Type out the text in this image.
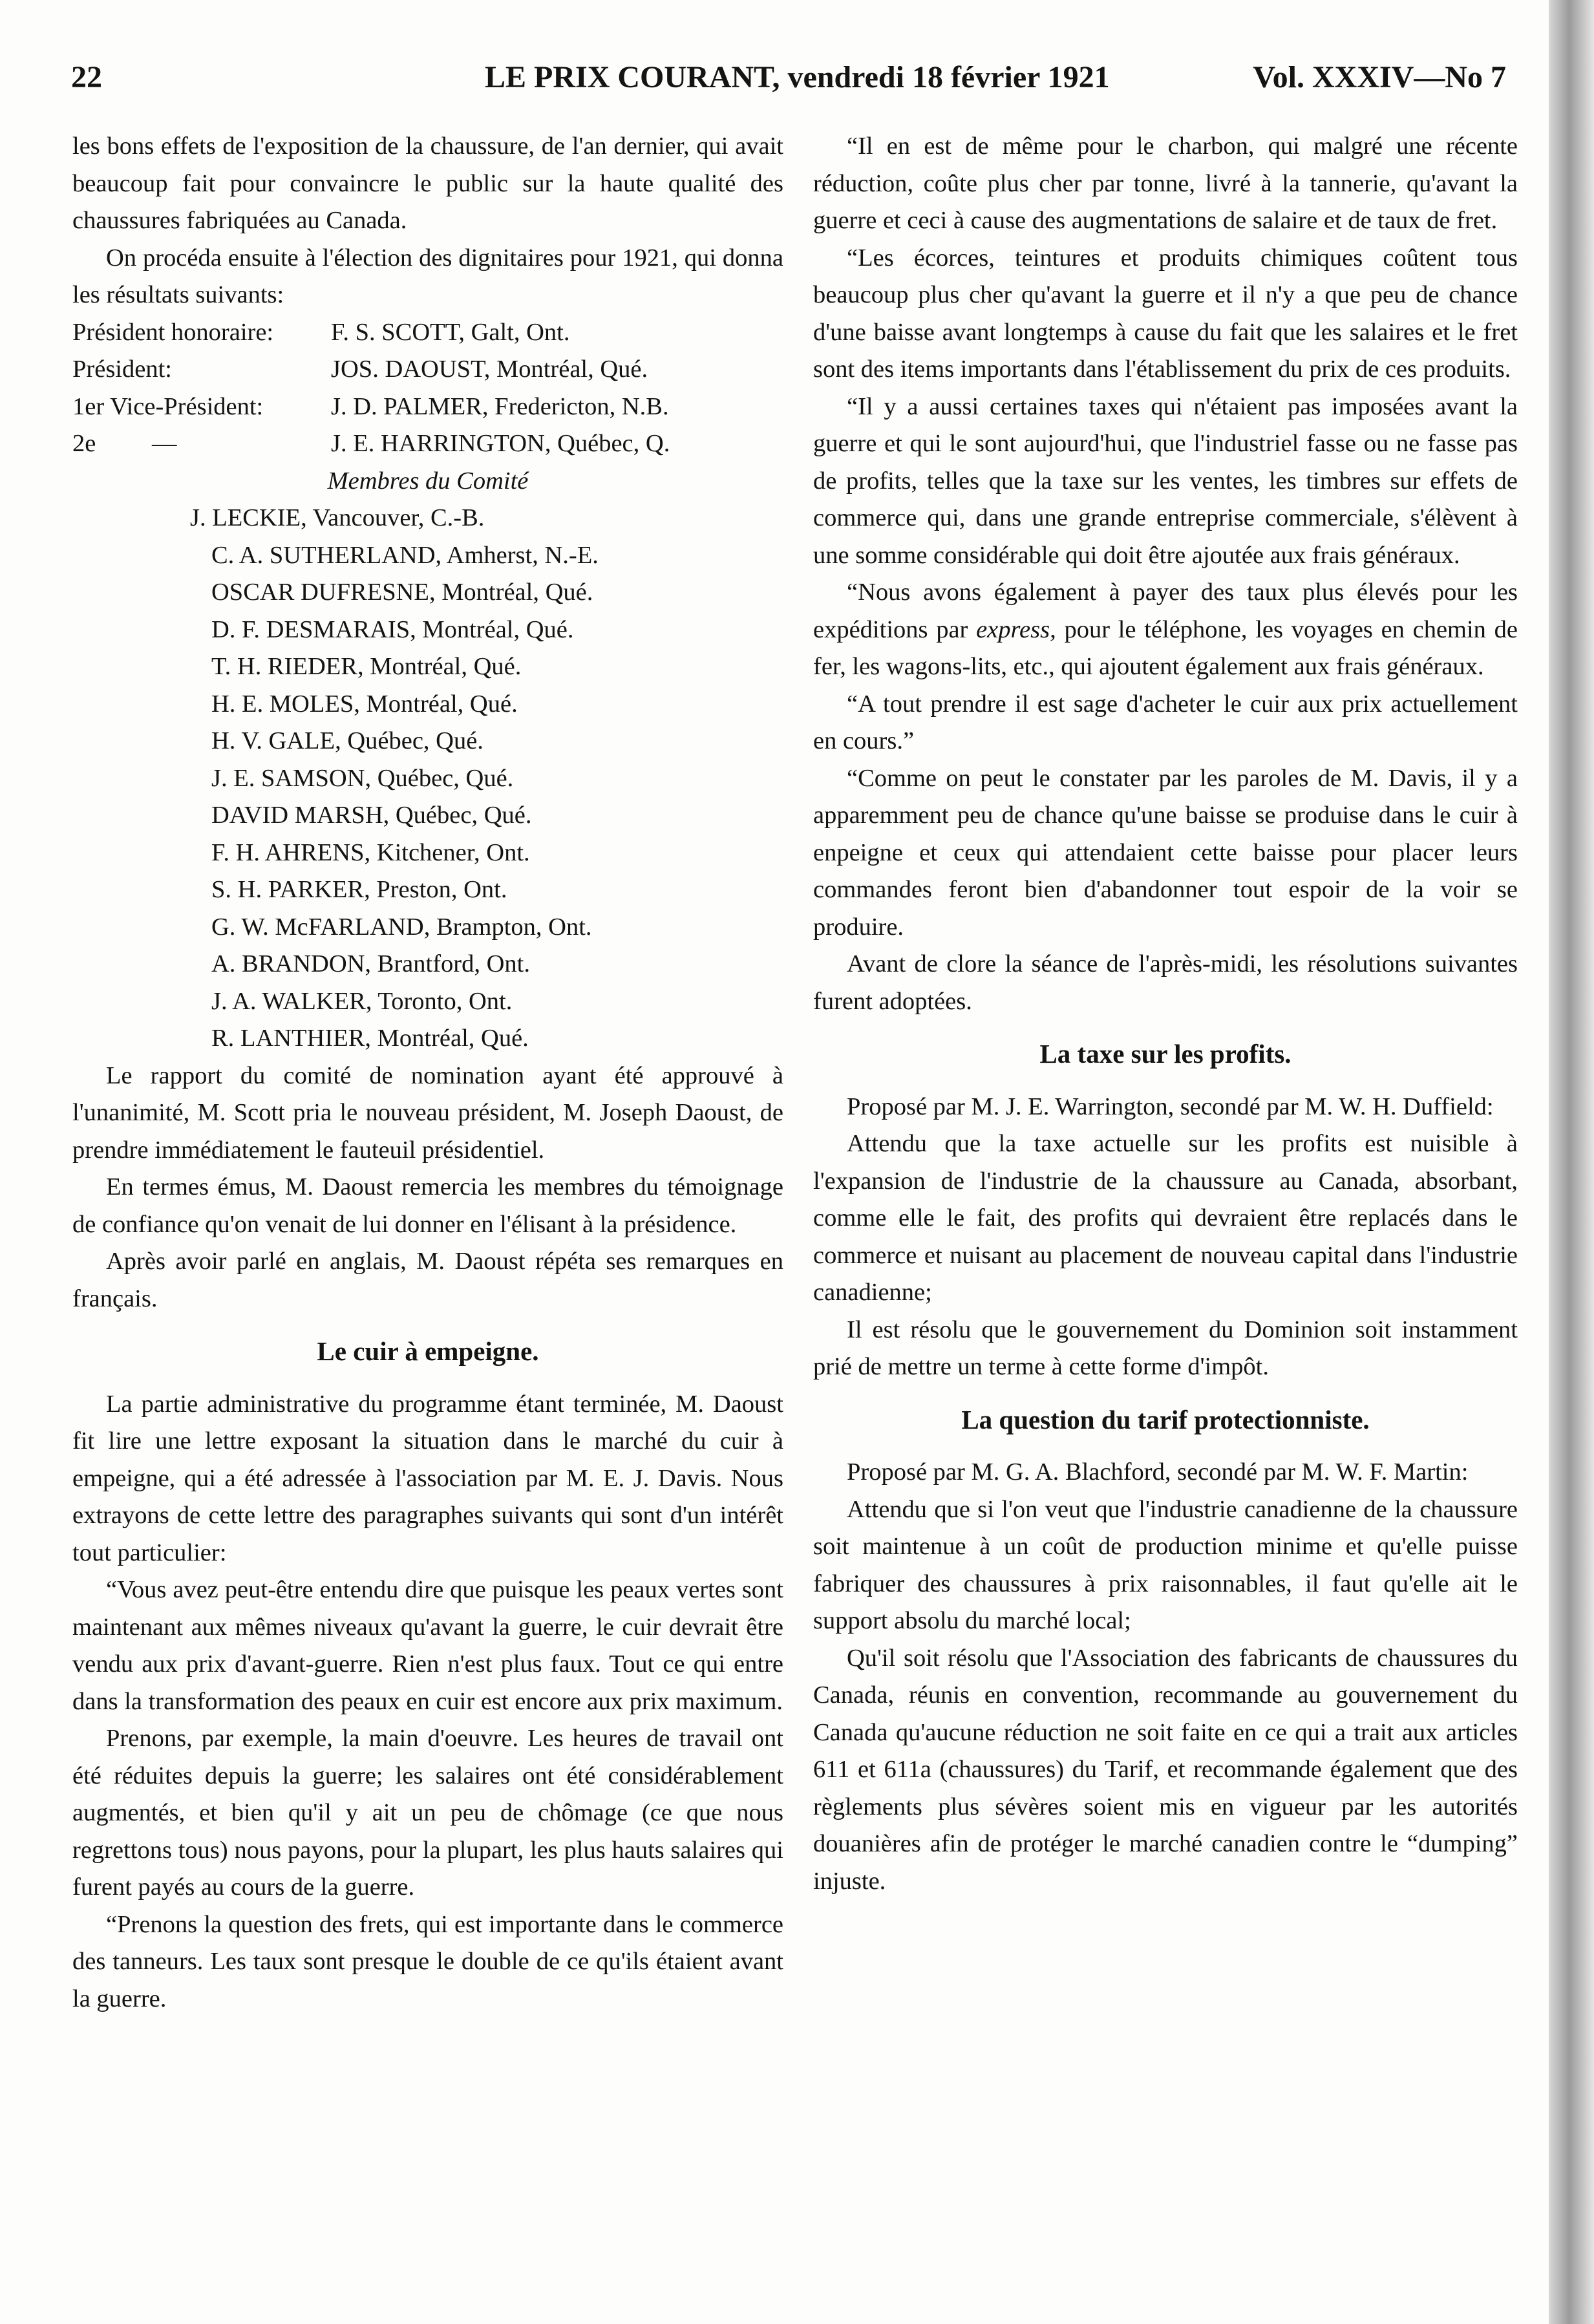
22	LE PRIX COURANT, vendredi 18 février 1921	Vol. XXXIV—No 7

les bons effets de l'exposition de la chaussure, de l'an dernier, qui avait beaucoup fait pour convaincre le public sur la haute qualité des chaussures fabriquées au Canada.

On procéda ensuite à l'élection des dignitaires pour 1921, qui donna les résultats suivants:

Président honoraire:	F. S. SCOTT, Galt, Ont.
Président:	JOS. DAOUST, Montréal, Qué.
1er Vice-Président:	J. D. PALMER, Fredericton, N.B.
2e         —	J. E. HARRINGTON, Québec, Q.

Membres du Comité

J. LECKIE, Vancouver, C.-B.

C. A. SUTHERLAND, Amherst, N.-E.

OSCAR DUFRESNE, Montréal, Qué.

D. F. DESMARAIS, Montréal, Qué.

T. H. RIEDER, Montréal, Qué.

H. E. MOLES, Montréal, Qué.

H. V. GALE, Québec, Qué.

J. E. SAMSON, Québec, Qué.

DAVID MARSH, Québec, Qué.

F. H. AHRENS, Kitchener, Ont.

S. H. PARKER, Preston, Ont.

G. W. McFARLAND, Brampton, Ont.

A. BRANDON, Brantford, Ont.

J. A. WALKER, Toronto, Ont.

R. LANTHIER, Montréal, Qué.

Le rapport du comité de nomination ayant été approuvé à l'unanimité, M. Scott pria le nouveau président, M. Joseph Daoust, de prendre immédiatement le fauteuil présidentiel.

En termes émus, M. Daoust remercia les membres du témoignage de confiance qu'on venait de lui donner en l'élisant à la présidence.

Après avoir parlé en anglais, M. Daoust répéta ses remarques en français.

Le cuir à empeigne.

La partie administrative du programme étant terminée, M. Daoust fit lire une lettre exposant la situation dans le marché du cuir à empeigne, qui a été adressée à l'association par M. E. J. Davis. Nous extrayons de cette lettre des paragraphes suivants qui sont d'un intérêt tout particulier:

“Vous avez peut-être entendu dire que puisque les peaux vertes sont maintenant aux mêmes niveaux qu'avant la guerre, le cuir devrait être vendu aux prix d'avant-guerre. Rien n'est plus faux. Tout ce qui entre dans la transformation des peaux en cuir est encore aux prix maximum.

Prenons, par exemple, la main d'oeuvre. Les heures de travail ont été réduites depuis la guerre; les salaires ont été considérablement augmentés, et bien qu'il y ait un peu de chômage (ce que nous regrettons tous) nous payons, pour la plupart, les plus hauts salaires qui furent payés au cours de la guerre.

“Prenons la question des frets, qui est importante dans le commerce des tanneurs. Les taux sont presque le double de ce qu'ils étaient avant la guerre.

“Il en est de même pour le charbon, qui malgré une récente réduction, coûte plus cher par tonne, livré à la tannerie, qu'avant la guerre et ceci à cause des augmentations de salaire et de taux de fret.

“Les écorces, teintures et produits chimiques coûtent tous beaucoup plus cher qu'avant la guerre et il n'y a que peu de chance d'une baisse avant longtemps à cause du fait que les salaires et le fret sont des items importants dans l'établissement du prix de ces produits.

“Il y a aussi certaines taxes qui n'étaient pas imposées avant la guerre et qui le sont aujourd'hui, que l'industriel fasse ou ne fasse pas de profits, telles que la taxe sur les ventes, les timbres sur effets de commerce qui, dans une grande entreprise commerciale, s'élèvent à une somme considérable qui doit être ajoutée aux frais généraux.

“Nous avons également à payer des taux plus élevés pour les expéditions par express, pour le téléphone, les voyages en chemin de fer, les wagons-lits, etc., qui ajoutent également aux frais généraux.

“A tout prendre il est sage d'acheter le cuir aux prix actuellement en cours.”

“Comme on peut le constater par les paroles de M. Davis, il y a apparemment peu de chance qu'une baisse se produise dans le cuir à enpeigne et ceux qui attendaient cette baisse pour placer leurs commandes feront bien d'abandonner tout espoir de la voir se produire.

Avant de clore la séance de l'après-midi, les résolutions suivantes furent adoptées.

La taxe sur les profits.

Proposé par M. J. E. Warrington, secondé par M. W. H. Duffield:

Attendu que la taxe actuelle sur les profits est nuisible à l'expansion de l'industrie de la chaussure au Canada, absorbant, comme elle le fait, des profits qui devraient être replacés dans le commerce et nuisant au placement de nouveau capital dans l'industrie canadienne;

Il est résolu que le gouvernement du Dominion soit instamment prié de mettre un terme à cette forme d'impôt.

La question du tarif protectionniste.

Proposé par M. G. A. Blachford, secondé par M. W. F. Martin:

Attendu que si l'on veut que l'industrie canadienne de la chaussure soit maintenue à un coût de production minime et qu'elle puisse fabriquer des chaussures à prix raisonnables, il faut qu'elle ait le support absolu du marché local;

Qu'il soit résolu que l'Association des fabricants de chaussures du Canada, réunis en convention, recommande au gouvernement du Canada qu'aucune réduction ne soit faite en ce qui a trait aux articles 611 et 611a (chaussures) du Tarif, et recommande également que des règlements plus sévères soient mis en vigueur par les autorités douanières afin de protéger le marché canadien contre le “dumping” injuste.
